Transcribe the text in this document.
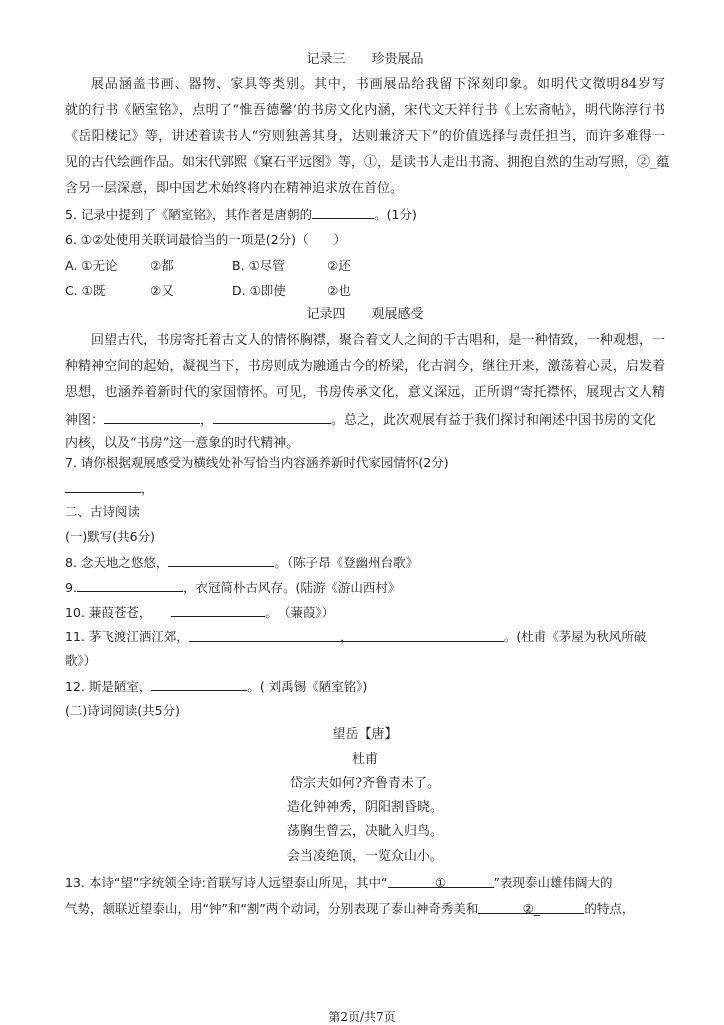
记录三　　珍贵展品
展品涵盖书画、器物、家具等类别。其中，书画展品给我留下深刻印象。如明代文徵明84岁写
就的行书《陋室铭》，点明了“惟吾德馨’的书房文化内涵，宋代文天祥行书《上宏斋帖》，明代陈淳行书
《岳阳楼记》等，讲述着读书人“穷则独善其身，达则兼济天下”的价值选择与责任担当，而许多难得一
见的古代绘画作品。如宋代郭熙《窠石平远图》等，①，是读书人走出书斋、拥抱自然的生动写照，②_蕴
含另一层深意，即中国艺术始终将内在精神追求放在首位。
5. 记录中提到了《陋室铭》，其作者是唐朝的	。(1分)
6. ①②处使用关联词最恰当的一项是(2分)（　　）
A. ①无论	②都	B. ①尽管	②还
C. ①既	②又	D. ①即使	②也
记录四　　观展感受
回望古代，书房寄托着古文人的情怀胸襟，聚合着文人之间的千古唱和，是一种情致，一种观想，一
种精神空间的起始，凝视当下，书房则成为融通古今的桥梁，化古润今，继往开来，激荡着心灵，启发着
思想，也涵养着新时代的家国情怀。可见，书房传承文化，意义深远，正所谓“寄托襟怀，展现古文人精
神图：	，	。总之，此次观展有益于我们探讨和阐述中国书房的文化
内核，以及“书房”这一意象的时代精神。
7. 请你根据观展感受为横线处补写恰当内容涵养新时代家园情怀(2分)
，
二、古诗阅读
(一)默写(共6分)
8. 念天地之悠悠，	。（陈子昂《登幽州台歌》
9.	，衣冠简朴古风存。(陆游《游山西村》
10. 蒹葭苍苍，	。　（蒹葭》）
11. 茅飞渡江洒江郊，	，	。(杜甫《茅屋为秋风所破
歌》）
12. 斯是陋室，	。( 刘禹锡《陋室铭》)
(二)诗词阅读(共5分)
望岳【唐】
杜甫
岱宗夫如何?齐鲁青未了。
造化钟神秀，阴阳割昏晓。
荡胸生曾云，决眦入归鸟。
会当凌绝顶，一览众山小。
13. 本诗“望”字统领全诗:首联写诗人远望泰山所见，其中“	①	”表现泰山雄伟阔大的
气势，颔联近望泰山，用“钟”和“割”两个动词，分别表现了泰山神奇秀美和	②_	的特点，
第2页/共7页
